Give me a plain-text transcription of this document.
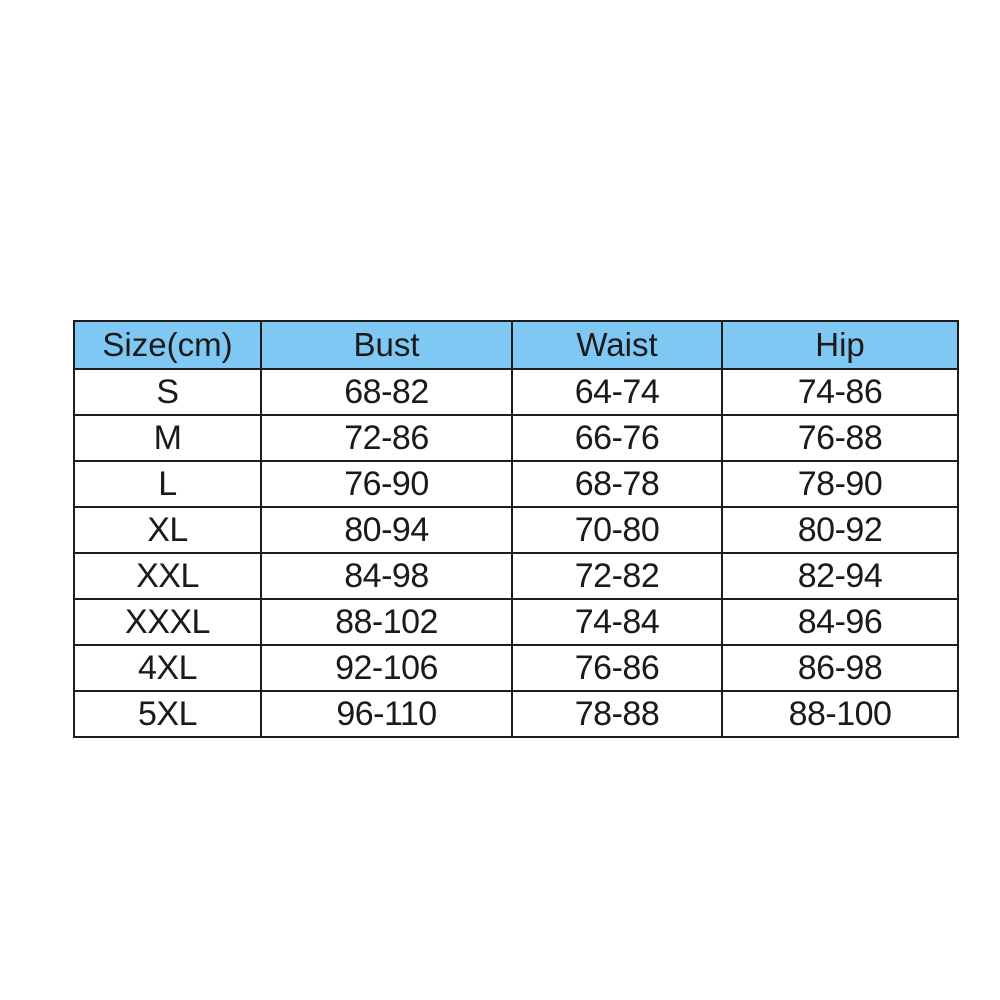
Size(cm)	Bust	Waist	Hip
S	68-82	64-74	74-86
M	72-86	66-76	76-88
L	76-90	68-78	78-90
XL	80-94	70-80	80-92
XXL	84-98	72-82	82-94
XXXL	88-102	74-84	84-96
4XL	92-106	76-86	86-98
5XL	96-110	78-88	88-100
